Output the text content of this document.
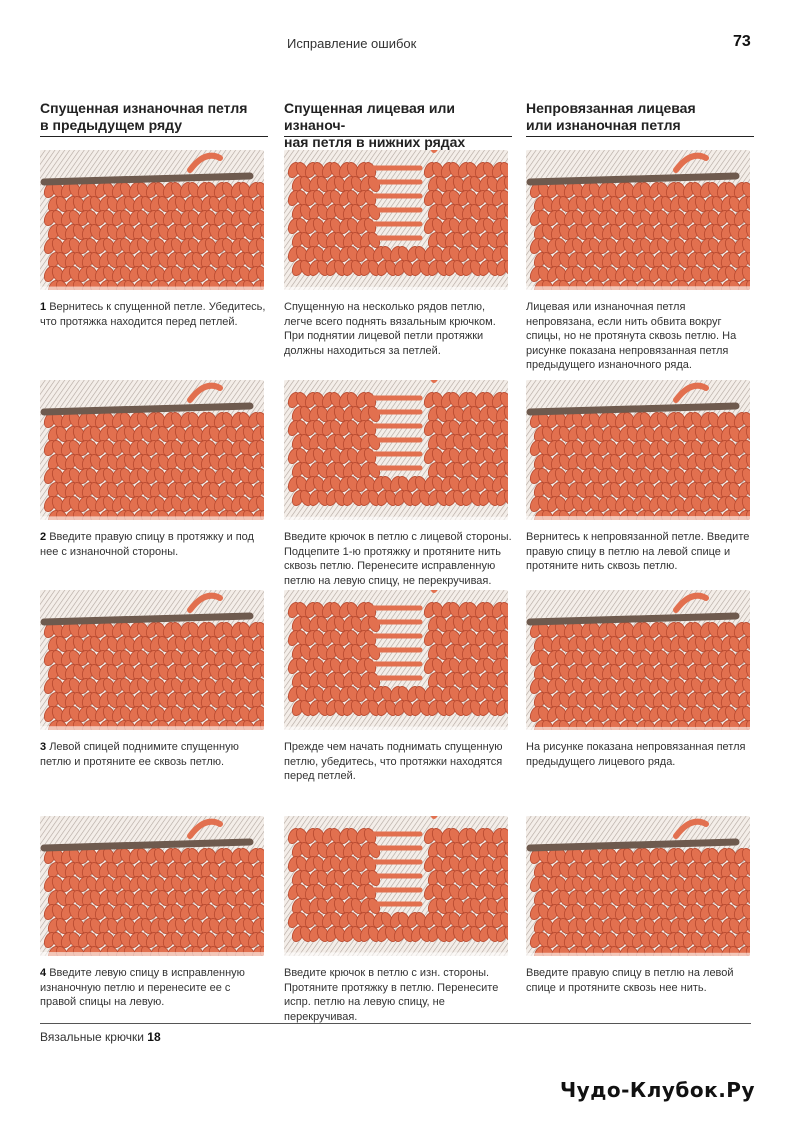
Исправление ошибок	73
Спущенная изнаночная петля
в предыдущем ряду
1 Вернитесь к спущенной петле. Убедитесь, что протяжка находится перед петлей.
2 Введите правую спицу в протяжку и под нее с изнаночной стороны.
3 Левой спицей поднимите спущенную петлю и протяните ее сквозь петлю.
4 Введите левую спицу в исправленную изнаночную петлю и перенесите ее с правой спицы на левую.
Спущенная лицевая или изнаноч-
ная петля в нижних рядах
Спущенную на несколько рядов петлю, легче всего поднять вязальным крючком. При поднятии лицевой петли протяжки должны находиться за петлей.
Введите крючок в петлю с лицевой стороны. Подцепите 1-ю протяжку и протяните нить сквозь петлю. Перенесите исправленную петлю на левую спицу, не перекручивая.
Прежде чем начать поднимать спущенную петлю, убедитесь, что протяжки находятся перед петлей.
Введите крючок в петлю с изн. стороны. Протяните протяжку в петлю. Перенесите испр. петлю на левую спицу, не перекручивая.
Непровязанная лицевая
или изнаночная петля
Лицевая или изнаночная петля непровязана, если нить обвита вокруг спицы, но не протянута сквозь петлю. На рисунке показана непровязанная петля предыдущего изнаночного ряда.
Вернитесь к непровязанной петле. Введите правую спицу в петлю на левой спице и протяните нить сквозь петлю.
На рисунке показана непровязанная петля предыдущего лицевого ряда.
Введите правую спицу в петлю на левой спице и протяните сквозь нее нить.
Вязальные крючки 18
Чудо-Клубок.Ру
